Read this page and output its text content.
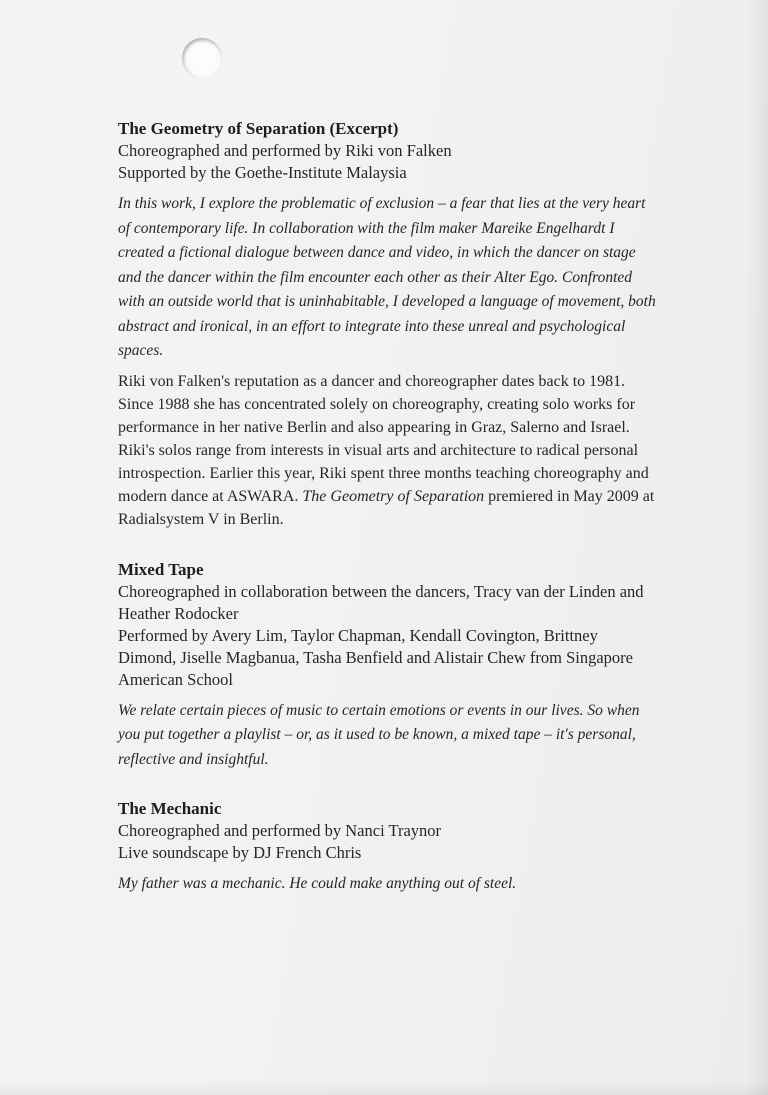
The Geometry of Separation (Excerpt)

Choreographed and performed by Riki von Falken

Supported by the Goethe-Institute Malaysia

In this work, I explore the problematic of exclusion – a fear that lies at the very heart of contemporary life. In collaboration with the film maker Mareike Engelhardt I created a fictional dialogue between dance and video, in which the dancer on stage and the dancer within the film encounter each other as their Alter Ego. Confronted with an outside world that is uninhabitable, I developed a language of movement, both abstract and ironical, in an effort to integrate into these unreal and psychological spaces.

Riki von Falken's reputation as a dancer and choreographer dates back to 1981. Since 1988 she has concentrated solely on choreography, creating solo works for performance in her native Berlin and also appearing in Graz, Salerno and Israel. Riki's solos range from interests in visual arts and architecture to radical personal introspection. Earlier this year, Riki spent three months teaching choreography and modern dance at ASWARA. The Geometry of Separation premiered in May 2009 at Radialsystem V in Berlin.

Mixed Tape

Choreographed in collaboration between the dancers, Tracy van der Linden and Heather Rodocker

Performed by Avery Lim, Taylor Chapman, Kendall Covington, Brittney Dimond, Jiselle Magbanua, Tasha Benfield and Alistair Chew from Singapore American School

We relate certain pieces of music to certain emotions or events in our lives. So when you put together a playlist – or, as it used to be known, a mixed tape – it's personal, reflective and insightful.

The Mechanic

Choreographed and performed by Nanci Traynor

Live soundscape by DJ French Chris

My father was a mechanic. He could make anything out of steel.
